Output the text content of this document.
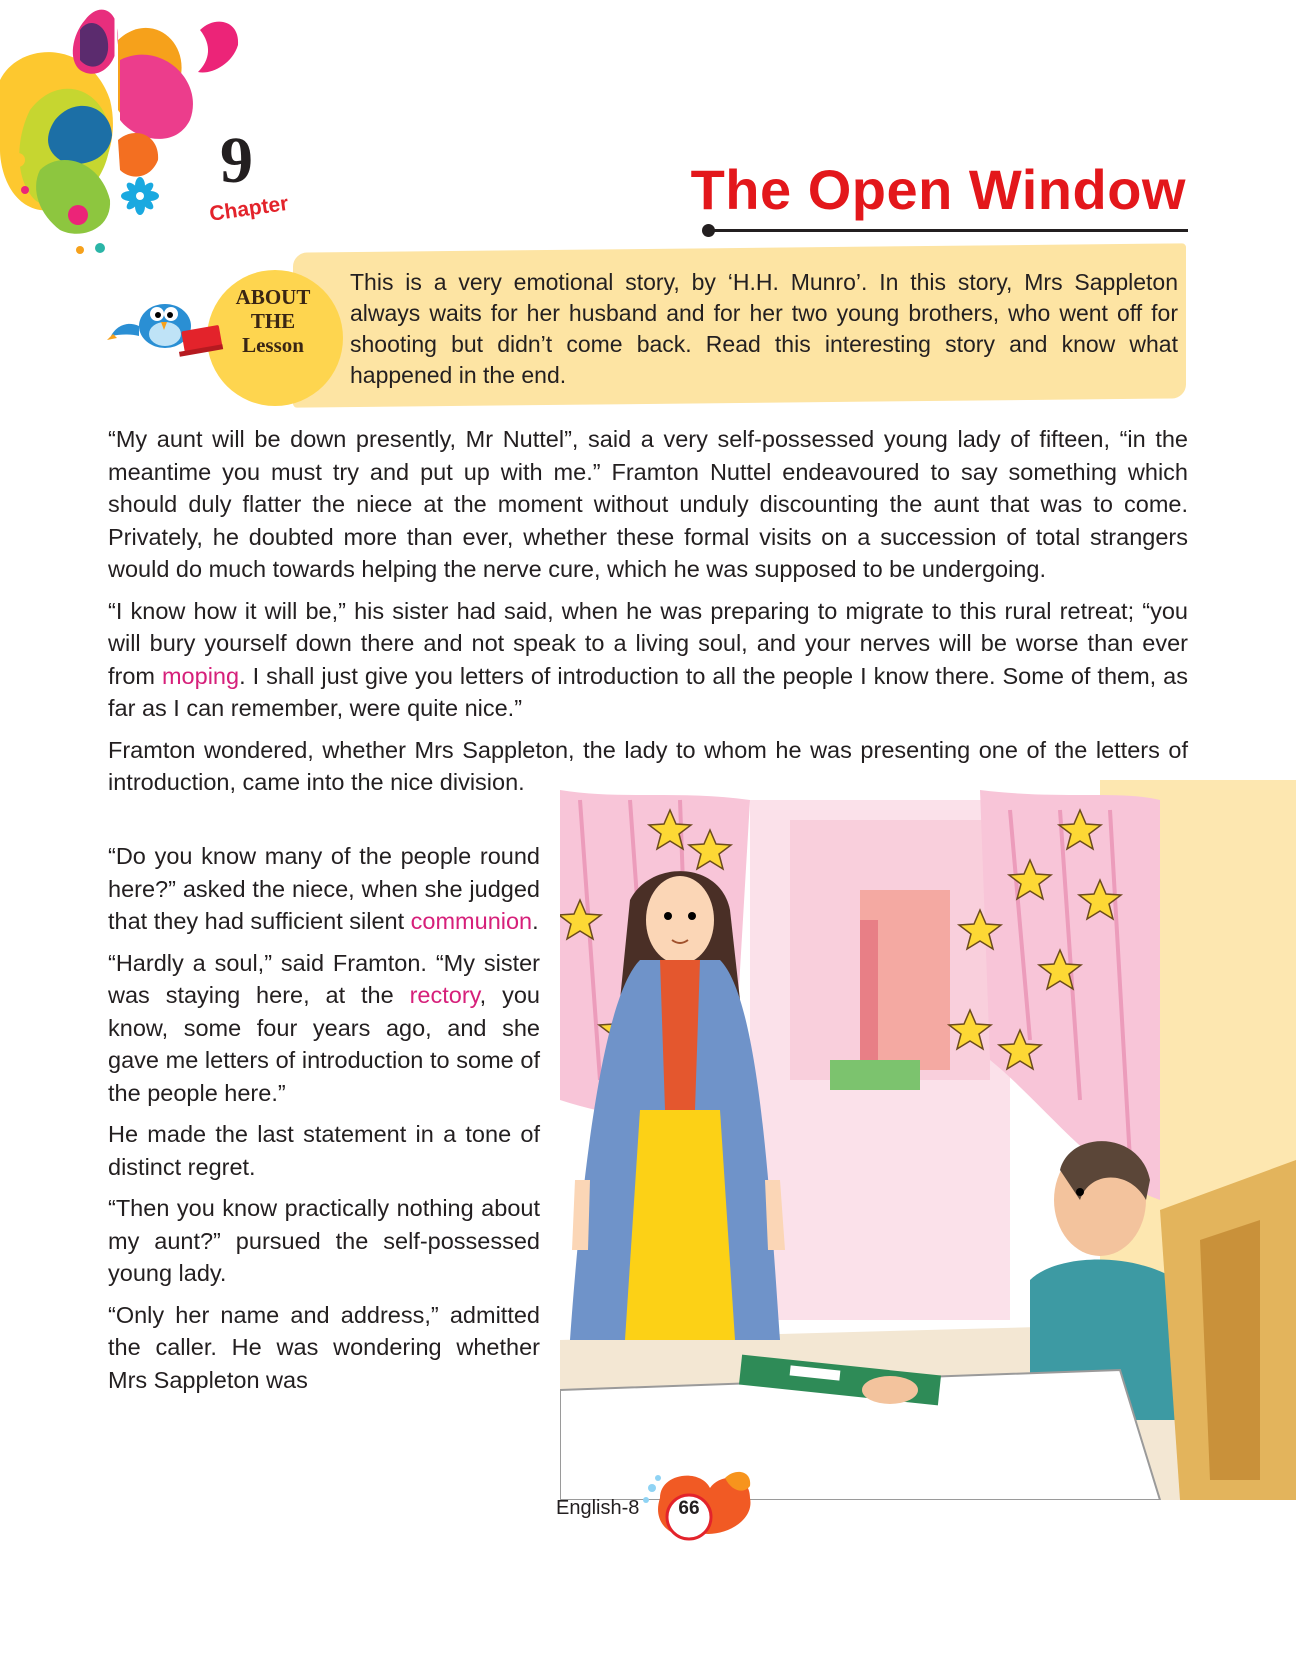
9
Chapter	The Open Window
ABOUT
THE
Lesson
This is a very emotional story, by ‘H.H. Munro’. In this story, Mrs Sappleton always waits for her husband and for her two young brothers, who went off for shooting but didn’t come back. Read this interesting story and know what happened in the end.

“My aunt will be down presently, Mr Nuttel”, said a very self-possessed young lady of fifteen, “in the meantime you must try and put up with me.” Framton Nuttel endeavoured to say something which should duly flatter the niece at the moment without unduly discounting the aunt that was to come. Privately, he doubted more than ever, whether these formal visits on a succession of total strangers would do much towards helping the nerve cure, which he was supposed to be undergoing.

“I know how it will be,” his sister had said, when he was preparing to migrate to this rural retreat; “you will bury yourself down there and not speak to a living soul, and your nerves will be worse than ever from moping. I shall just give you letters of introduction to all the people I know there. Some of them, as far as I can remember, were quite nice.”

Framton wondered, whether Mrs Sappleton, the lady to whom he was presenting one of the letters of introduction, came into the nice division.

“Do you know many of the people round here?” asked the niece, when she judged that they had sufficient silent communion.

“Hardly a soul,” said Framton. “My sister was staying here, at the rectory, you know, some four years ago, and she gave me letters of introduction to some of the people here.”

He made the last statement in a tone of distinct regret.

“Then you know practically nothing about my aunt?” pursued the self-possessed young lady.

“Only her name and address,” admitted the caller. He was wondering whether Mrs Sappleton was

English-8	66
